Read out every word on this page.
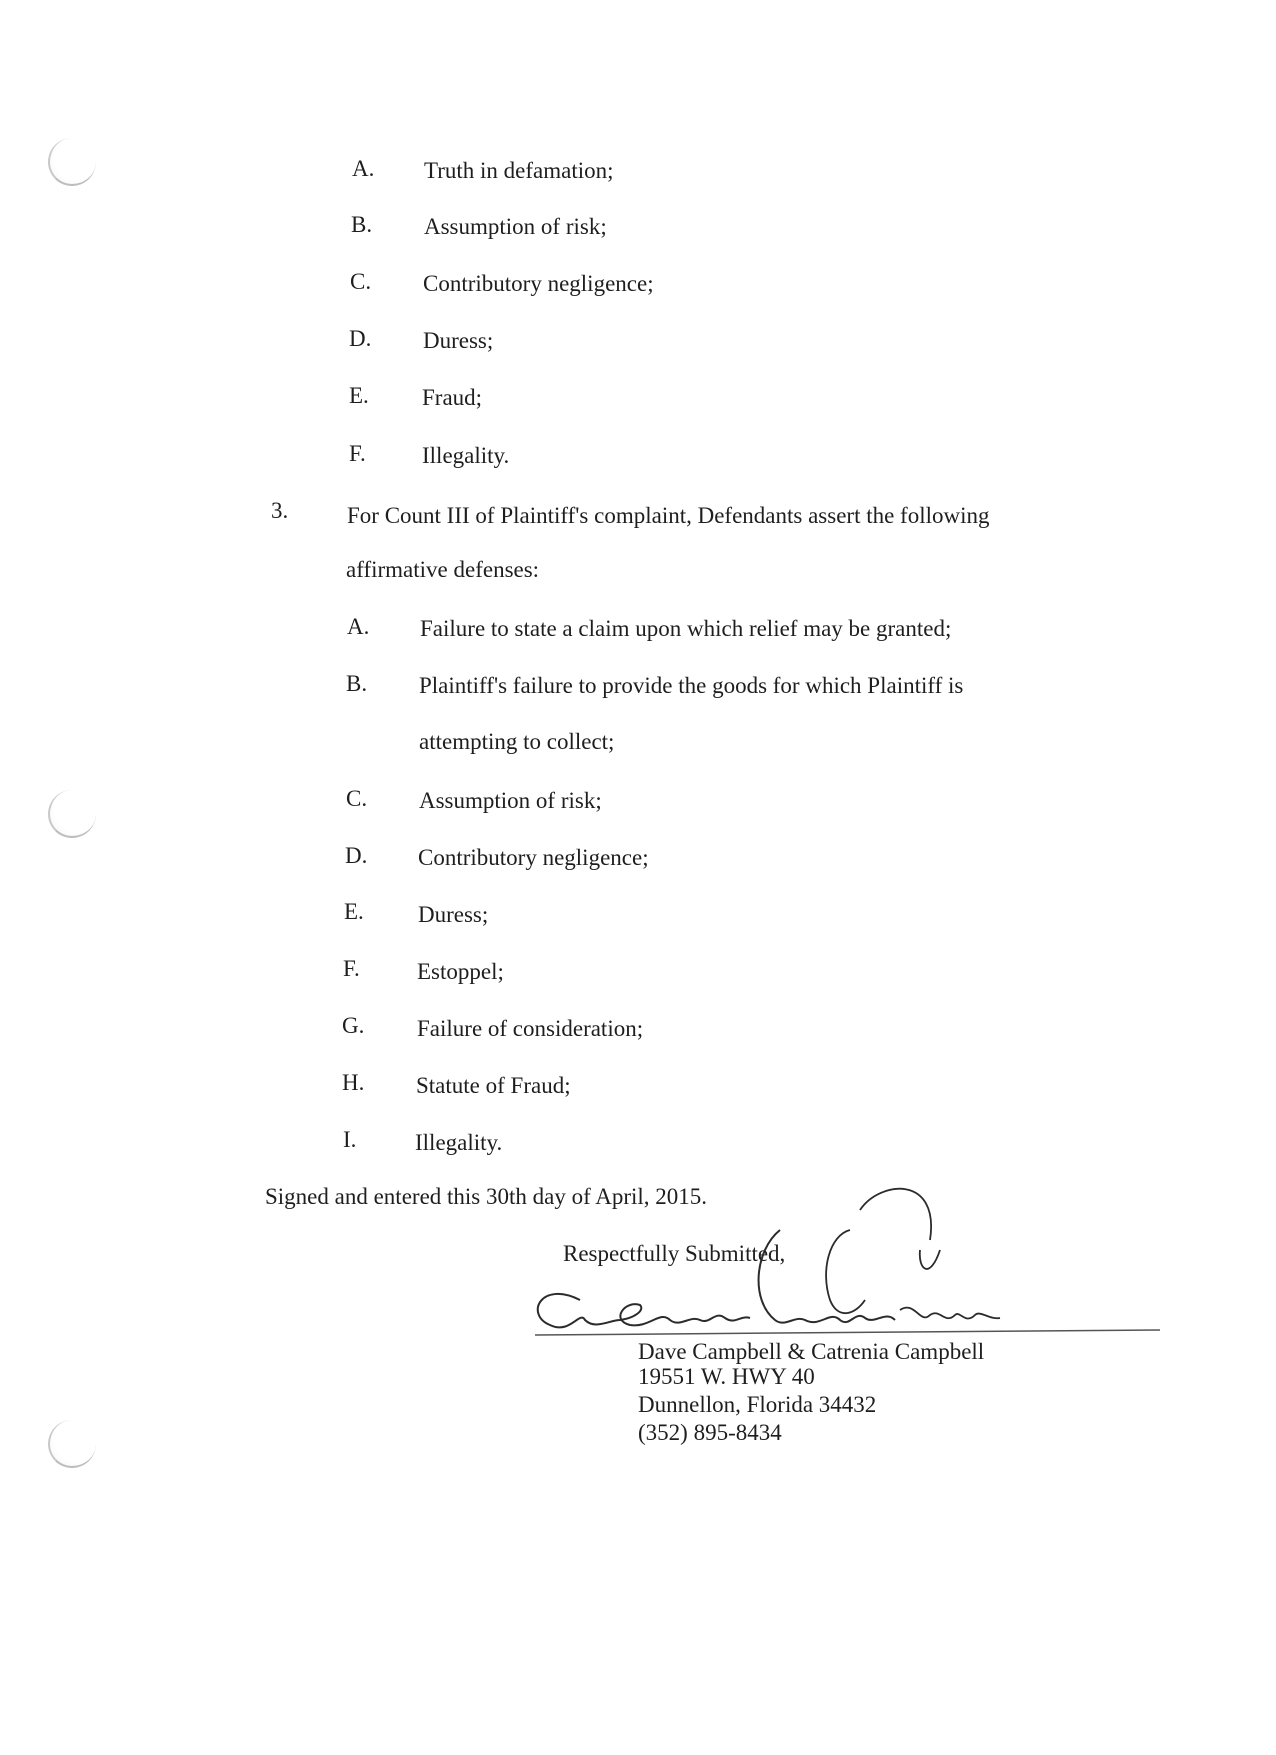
A. Truth in defamation;
B. Assumption of risk;
C. Contributory negligence;
D. Duress;
E. Fraud;
F. Illegality.
3.	For Count III of Plaintiff's complaint, Defendants assert the following
affirmative defenses:
A. Failure to state a claim upon which relief may be granted;
B. Plaintiff's failure to provide the goods for which Plaintiff is
attempting to collect;
C. Assumption of risk;
D. Contributory negligence;
E. Duress;
F. Estoppel;
G. Failure of consideration;
H. Statute of Fraud;
I.	Illegality.
Signed and entered this 30th day of April, 2015.
Respectfully Submitted,
Dave Campbell & Catrenia Campbell
19551 W. HWY 40
Dunnellon, Florida 34432
(352) 895-8434
